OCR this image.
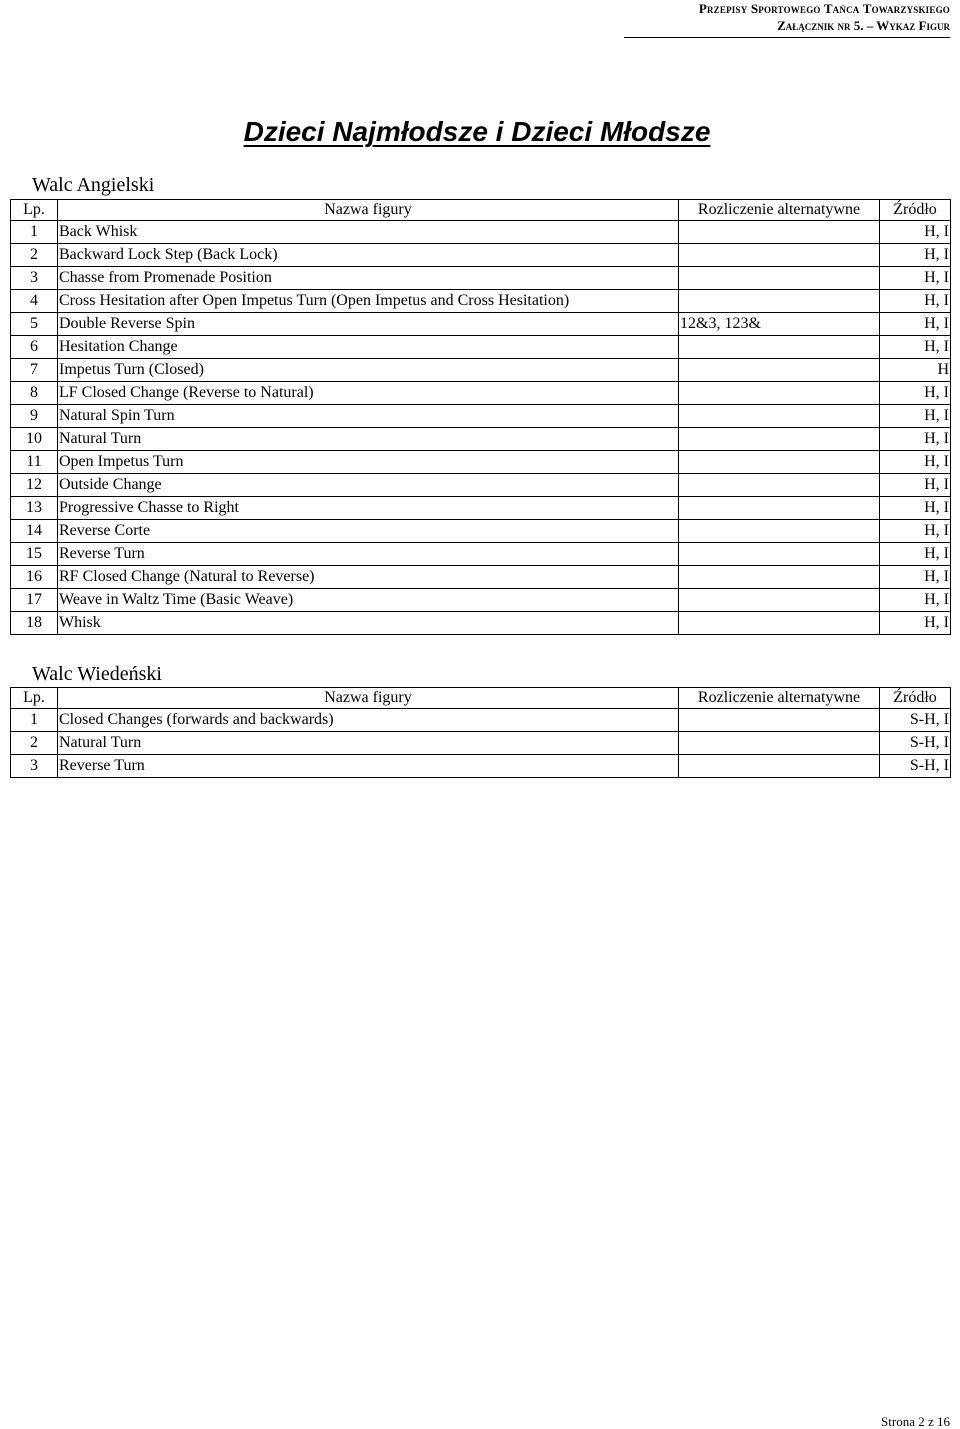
Przepisy Sportowego Tańca Towarzyskiego
Załącznik nr 5. – Wykaz Figur
Dzieci Najmłodsze i Dzieci Młodsze
Walc Angielski
Lp.	Nazwa figury	Rozliczenie alternatywne	Źródło
1	Back Whisk		H, I
2	Backward Lock Step (Back Lock)		H, I
3	Chasse from Promenade Position		H, I
4	Cross Hesitation after Open Impetus Turn (Open Impetus and Cross Hesitation)		H, I
5	Double Reverse Spin	12&3, 123&	H, I
6	Hesitation Change		H, I
7	Impetus Turn (Closed)		H
8	LF Closed Change (Reverse to Natural)		H, I
9	Natural Spin Turn		H, I
10	Natural Turn		H, I
11	Open Impetus Turn		H, I
12	Outside Change		H, I
13	Progressive Chasse to Right		H, I
14	Reverse Corte		H, I
15	Reverse Turn		H, I
16	RF Closed Change (Natural to Reverse)		H, I
17	Weave in Waltz Time (Basic Weave)		H, I
18	Whisk		H, I
Walc Wiedeński
Lp.	Nazwa figury	Rozliczenie alternatywne	Źródło
1	Closed Changes (forwards and backwards)		S-H, I
2	Natural Turn		S-H, I
3	Reverse Turn		S-H, I
Strona 2 z 16
